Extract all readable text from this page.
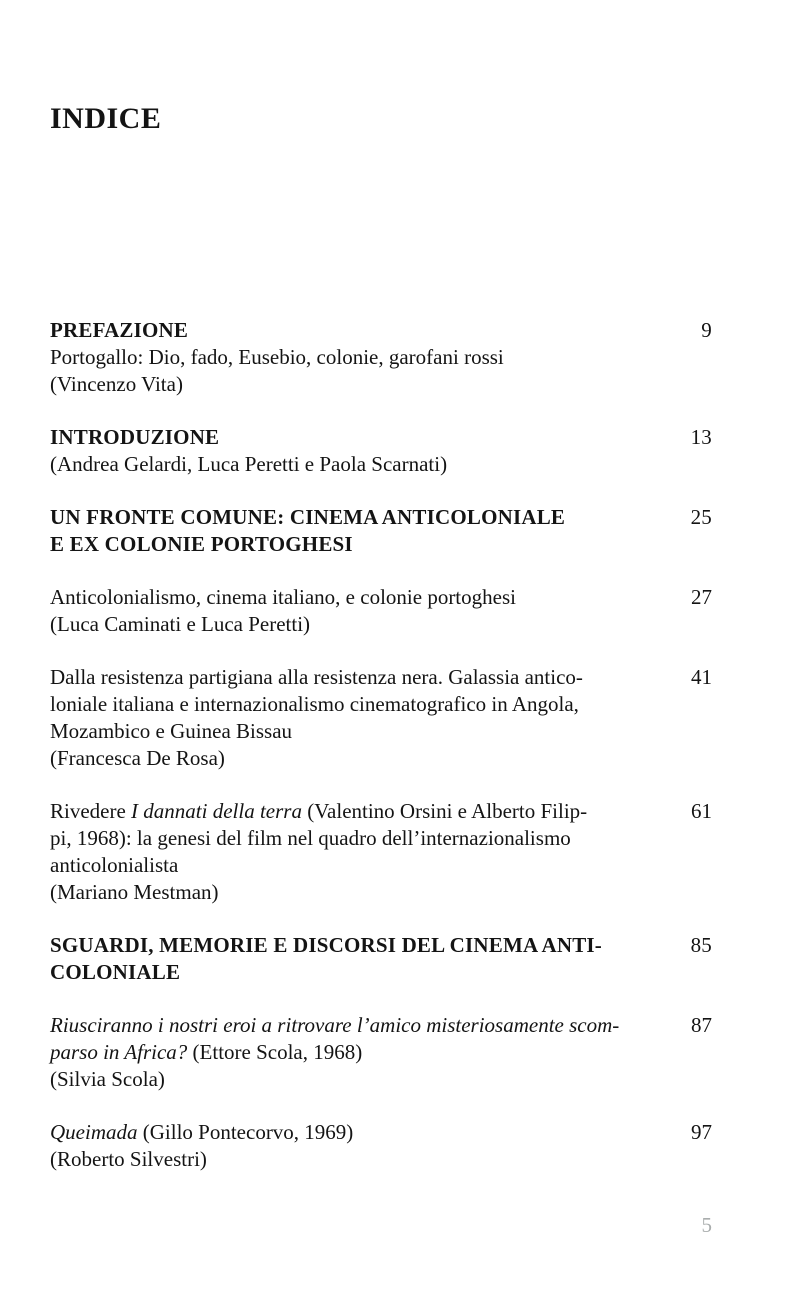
INDICE
PREFAZIONE	9
Portogallo: Dio, fado, Eusebio, colonie, garofani rossi
(Vincenzo Vita)
INTRODUZIONE	13
(Andrea Gelardi, Luca Peretti e Paola Scarnati)
UN FRONTE COMUNE: CINEMA ANTICOLONIALE	25
E EX COLONIE PORTOGHESI
Anticolonialismo, cinema italiano, e colonie portoghesi	27
(Luca Caminati e Luca Peretti)
Dalla resistenza partigiana alla resistenza nera. Galassia antico-	41
loniale italiana e internazionalismo cinematografico in Angola,
Mozambico e Guinea Bissau
(Francesca De Rosa)
Rivedere I dannati della terra (Valentino Orsini e Alberto Filip-	61
pi, 1968): la genesi del film nel quadro dell’internazionalismo
anticolonialista
(Mariano Mestman)
SGUARDI, MEMORIE E DISCORSI DEL CINEMA ANTI-	85
COLONIALE
Riusciranno i nostri eroi a ritrovare l’amico misteriosamente scom-	87
parso in Africa? (Ettore Scola, 1968)
(Silvia Scola)
Queimada (Gillo Pontecorvo, 1969)	97
(Roberto Silvestri)
5
